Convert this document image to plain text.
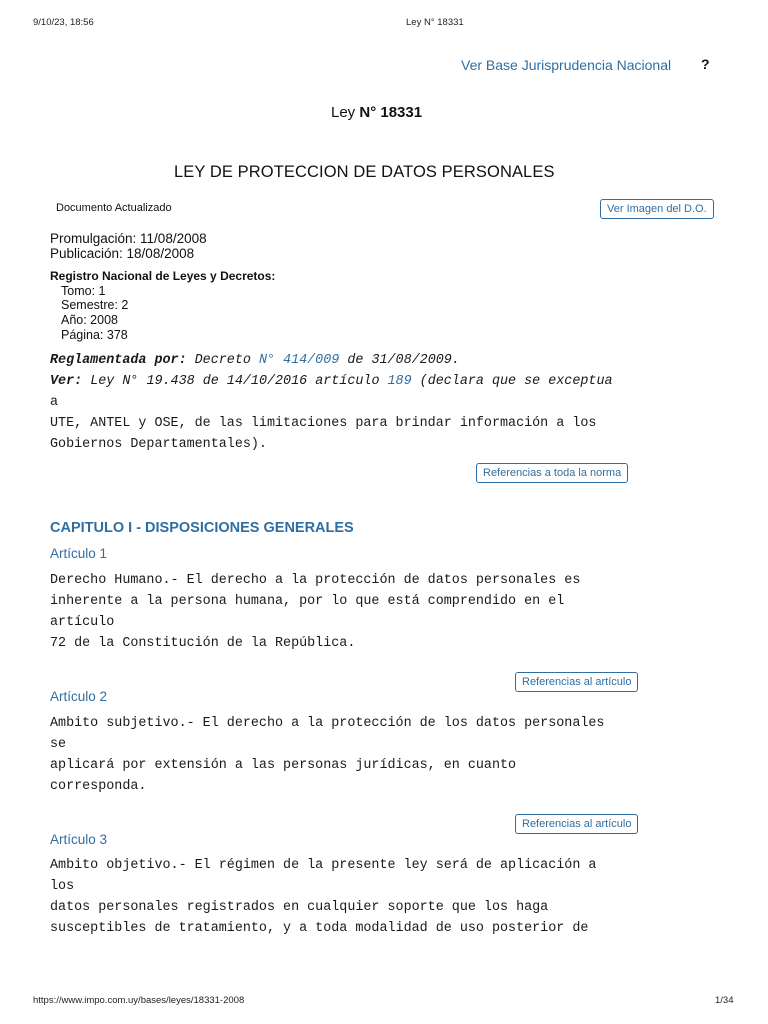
9/10/23, 18:56	Ley N° 18331
Ver Base Jurisprudencia Nacional ?
Ley N° 18331
LEY DE PROTECCION DE DATOS PERSONALES
Documento Actualizado	Ver Imagen del D.O.
Promulgación: 11/08/2008
Publicación: 18/08/2008
Registro Nacional de Leyes y Decretos:
Tomo: 1
Semestre: 2
Año: 2008
Página: 378
Reglamentada por: Decreto N° 414/009 de 31/08/2009.
Ver: Ley N° 19.438 de 14/10/2016 artículo 189 (declara que se exceptua
a
UTE, ANTEL y OSE, de las limitaciones para brindar información a los
Gobiernos Departamentales).
Referencias a toda la norma
CAPITULO I - DISPOSICIONES GENERALES
Artículo 1
Derecho Humano.- El derecho a la protección de datos personales es
inherente a la persona humana, por lo que está comprendido en el
artículo
72 de la Constitución de la República.
Referencias al artículo
Artículo 2
Ambito subjetivo.- El derecho a la protección de los datos personales
se
aplicará por extensión a las personas jurídicas, en cuanto
corresponda.
Referencias al artículo
Artículo 3
Ambito objetivo.- El régimen de la presente ley será de aplicación a
los
datos personales registrados en cualquier soporte que los haga
susceptibles de tratamiento, y a toda modalidad de uso posterior de
https://www.impo.com.uy/bases/leyes/18331-2008	1/34
